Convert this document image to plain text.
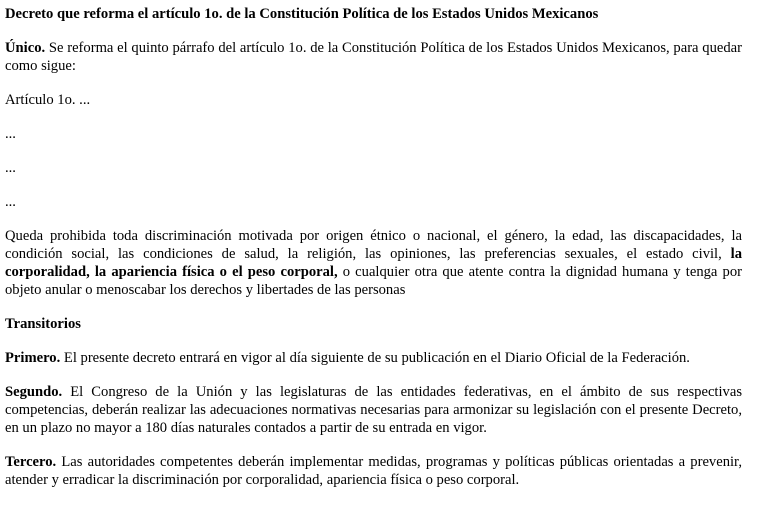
Decreto que reforma el artículo 1o. de la Constitución Política de los Estados Unidos Mexicanos

Único. Se reforma el quinto párrafo del artículo 1o. de la Constitución Política de los Estados Unidos Mexicanos, para quedar como sigue:

Artículo 1o. ...

...

...

...

Queda prohibida toda discriminación motivada por origen étnico o nacional, el género, la edad, las discapacidades, la condición social, las condiciones de salud, la religión, las opiniones, las preferencias sexuales, el estado civil, la corporalidad, la apariencia física o el peso corporal, o cualquier otra que atente contra la dignidad humana y tenga por objeto anular o menoscabar los derechos y libertades de las personas

Transitorios

Primero. El presente decreto entrará en vigor al día siguiente de su publicación en el Diario Oficial de la Federación.

Segundo. El Congreso de la Unión y las legislaturas de las entidades federativas, en el ámbito de sus respectivas competencias, deberán realizar las adecuaciones normativas necesarias para armonizar su legislación con el presente Decreto, en un plazo no mayor a 180 días naturales contados a partir de su entrada en vigor.

Tercero. Las autoridades competentes deberán implementar medidas, programas y políticas públicas orientadas a prevenir, atender y erradicar la discriminación por corporalidad, apariencia física o peso corporal.
